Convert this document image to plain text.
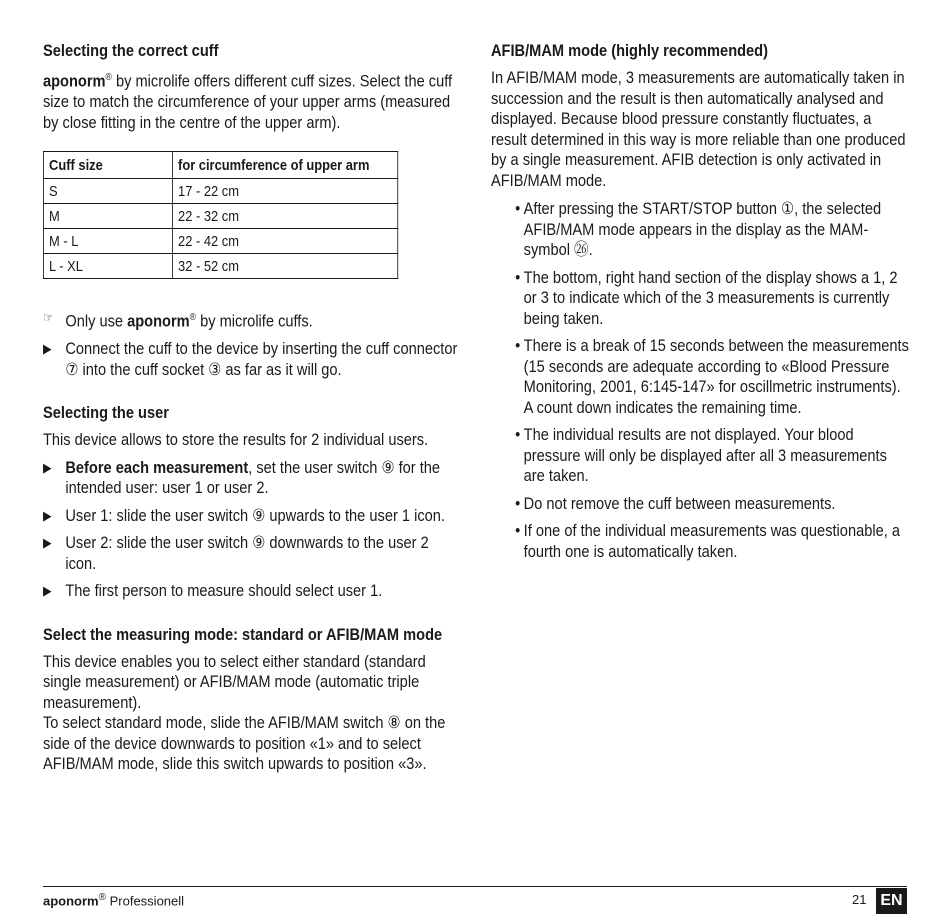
Selecting the correct cuff

aponorm® by microlife offers different cuff sizes. Select the cuff size to match the circumference of your upper arms (measured by close fitting in the centre of the upper arm).

Cuff size	for circumference of upper arm
S	17 - 22 cm
M	22 - 32 cm
M - L	22 - 42 cm
L - XL	32 - 52 cm
☞ Only use aponorm® by microlife cuffs.
▶ Connect the cuff to the device by inserting the cuff connector ⑦ into the cuff socket ③ as far as it will go.
Selecting the user

This device allows to store the results for 2 individual users.

▶ Before each measurement, set the user switch ⑨ for the intended user: user 1 or user 2.
▶ User 1: slide the user switch ⑨ upwards to the user 1 icon.
▶ User 2: slide the user switch ⑨ downwards to the user 2 icon.
▶ The first person to measure should select user 1.
Select the measuring mode: standard or AFIB/MAM mode

This device enables you to select either standard (standard single measurement) or AFIB/MAM mode (automatic triple measurement).

To select standard mode, slide the AFIB/MAM switch ⑧ on the side of the device downwards to position «1» and to select AFIB/MAM mode, slide this switch upwards to position «3».

AFIB/MAM mode (highly recommended)

In AFIB/MAM mode, 3 measurements are automatically taken in succession and the result is then automatically analysed and displayed. Because blood pressure constantly fluctuates, a result determined in this way is more reliable than one produced by a single measurement. AFIB detection is only activated in AFIB/MAM mode.

• After pressing the START/STOP button ①, the selected AFIB/MAM mode appears in the display as the MAM-symbol ㉖.
• The bottom, right hand section of the display shows a 1, 2 or 3 to indicate which of the 3 measurements is currently being taken.
• There is a break of 15 seconds between the measurements (15 seconds are adequate according to «Blood Pressure Monitoring, 2001, 6:145-147» for oscillmetric instruments). A count down indicates the remaining time.
• The individual results are not displayed. Your blood pressure will only be displayed after all 3 measurements are taken.
• Do not remove the cuff between measurements.
• If one of the individual measurements was questionable, a fourth one is automatically taken.
aponorm® Professionell	21 EN
